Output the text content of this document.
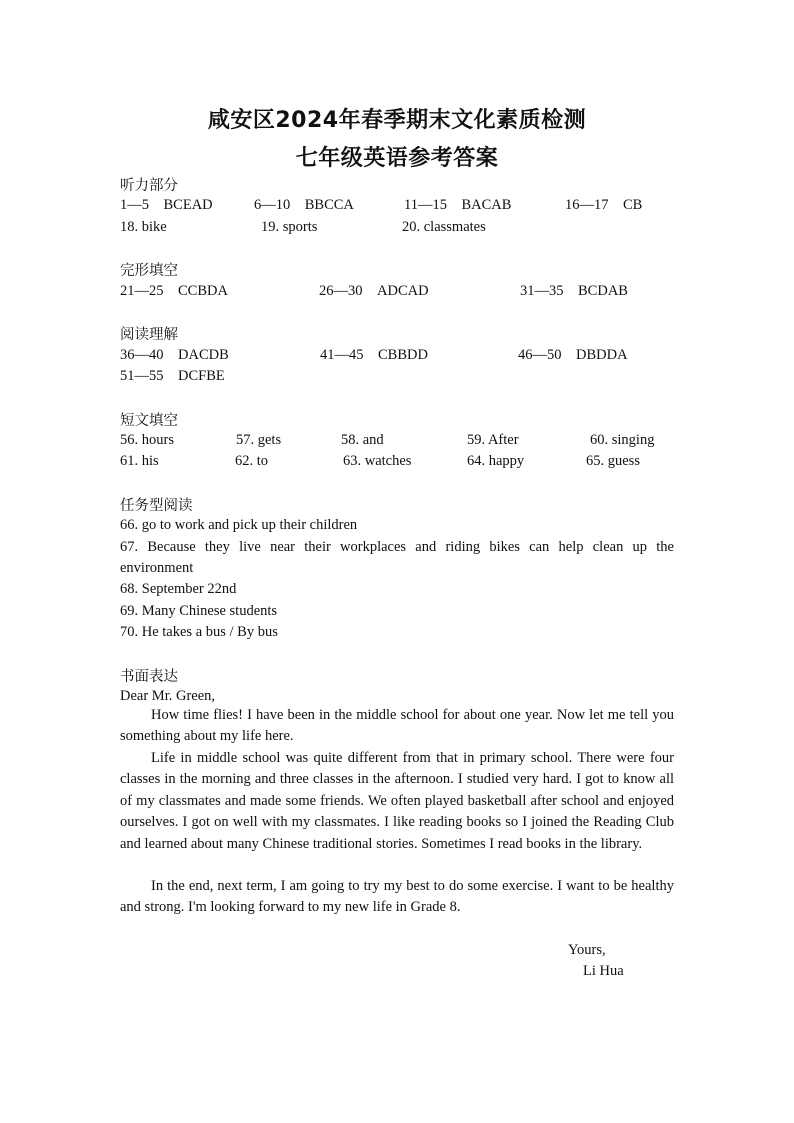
咸安区2024年春季期末文化素质检测
七年级英语参考答案
听力部分
1—5　BCEAD	6—10　BBCCA	11—15　BACAB	16—17　CB
18. bike	19. sports	20. classmates
完形填空
21—25　CCBDA	26—30　ADCAD	31—35　BCDAB
阅读理解
36—40　DACDB	41—45　CBBDD	46—50　DBDDA
51—55　DCFBE
短文填空
56. hours	57. gets	58. and	59. After	60. singing
61. his	62. to	63. watches	64. happy	65. guess
任务型阅读
66. go to work and pick up their children
67. Because they live near their workplaces and riding bikes can help clean up the
environment
68. September 22nd
69. Many Chinese students
70. He takes a bus / By bus
书面表达
Dear Mr. Green,

How time flies! I have been in the middle school for about one year. Now let me tell you something about my life here.

Life in middle school was quite different from that in primary school. There were four classes in the morning and three classes in the afternoon. I studied very hard. I got to know all of my classmates and made some friends. We often played basketball after school and enjoyed ourselves. I got on well with my classmates. I like reading books so I joined the Reading Club and learned about many Chinese traditional stories. Sometimes I read books in the library.

In the end, next term, I am going to try my best to do some exercise. I want to be healthy and strong. I'm looking forward to my new life in Grade 8.

Yours,
Li Hua
